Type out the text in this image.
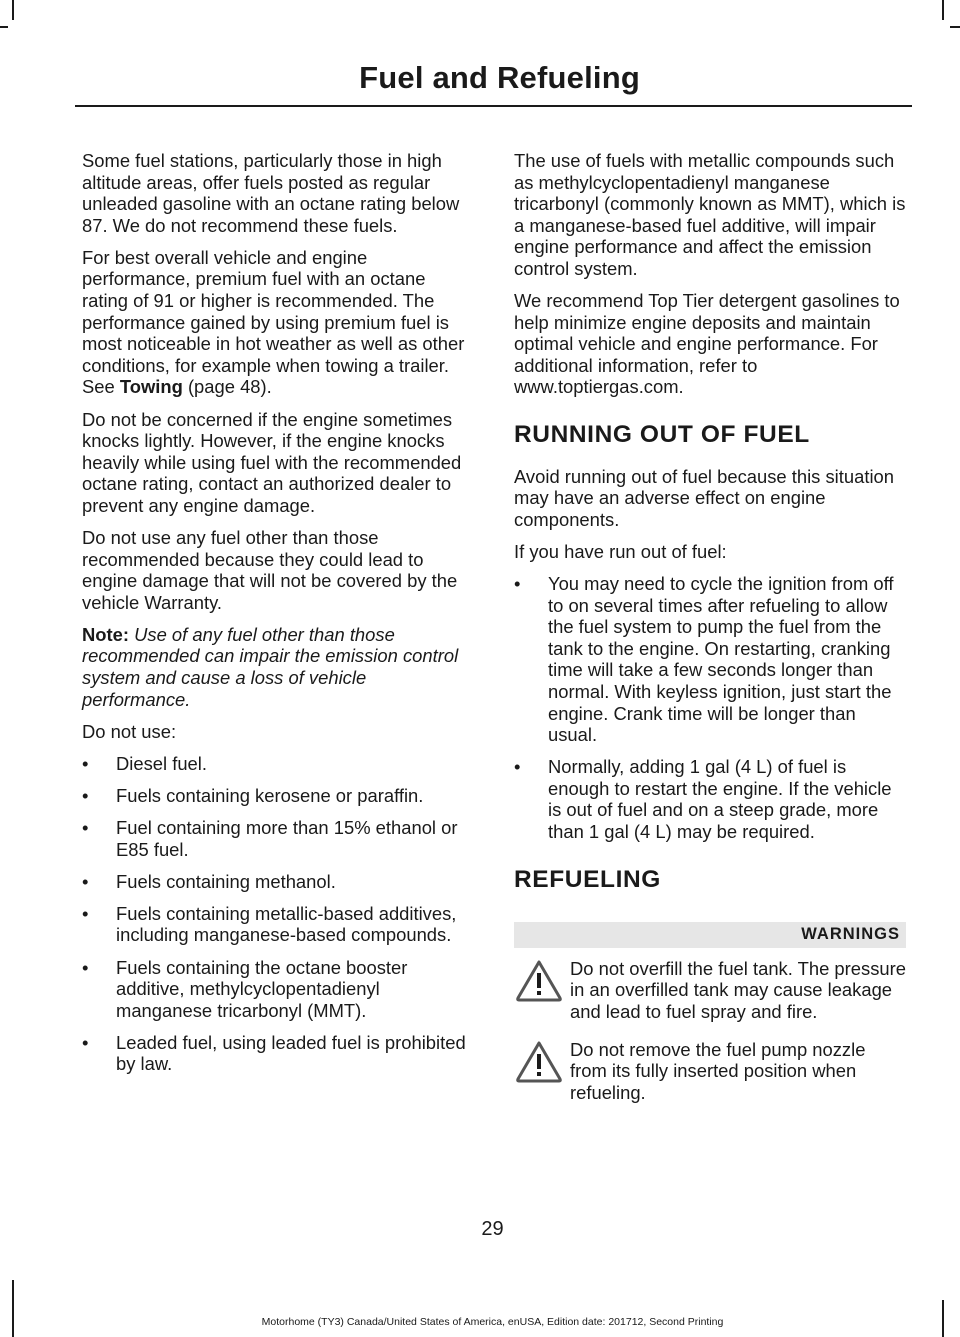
Fuel and Refueling

Some fuel stations, particularly those in high altitude areas, offer fuels posted as regular unleaded gasoline with an octane rating below 87. We do not recommend these fuels.

For best overall vehicle and engine performance, premium fuel with an octane rating of 91 or higher is recommended. The performance gained by using premium fuel is most noticeable in hot weather as well as other conditions, for example when towing a trailer. See Towing (page 48).

Do not be concerned if the engine sometimes knocks lightly. However, if the engine knocks heavily while using fuel with the recommended octane rating, contact an authorized dealer to prevent any engine damage.

Do not use any fuel other than those recommended because they could lead to engine damage that will not be covered by the vehicle Warranty.

Note: Use of any fuel other than those recommended can impair the emission control system and cause a loss of vehicle performance.

Do not use:

• Diesel fuel.
• Fuels containing kerosene or paraffin.
• Fuel containing more than 15% ethanol or E85 fuel.
• Fuels containing methanol.
• Fuels containing metallic-based additives, including manganese-based compounds.
• Fuels containing the octane booster additive, methylcyclopentadienyl manganese tricarbonyl (MMT).
• Leaded fuel, using leaded fuel is prohibited by law.

The use of fuels with metallic compounds such as methylcyclopentadienyl manganese tricarbonyl (commonly known as MMT), which is a manganese-based fuel additive, will impair engine performance and affect the emission control system.

We recommend Top Tier detergent gasolines to help minimize engine deposits and maintain optimal vehicle and engine performance. For additional information, refer to www.toptiergas.com.

RUNNING OUT OF FUEL

Avoid running out of fuel because this situation may have an adverse effect on engine components.

If you have run out of fuel:

• You may need to cycle the ignition from off to on several times after refueling to allow the fuel system to pump the fuel from the tank to the engine. On restarting, cranking time will take a few seconds longer than normal. With keyless ignition, just start the engine. Crank time will be longer than usual.
• Normally, adding 1 gal (4 L) of fuel is enough to restart the engine. If the vehicle is out of fuel and on a steep grade, more than 1 gal (4 L) may be required.
REFUELING
WARNINGS
Do not overfill the fuel tank. The pressure in an overfilled tank may cause leakage and lead to fuel spray and fire.
Do not remove the fuel pump nozzle from its fully inserted position when refueling.
29
Motorhome (TY3) Canada/United States of America, enUSA, Edition date: 201712, Second Printing
